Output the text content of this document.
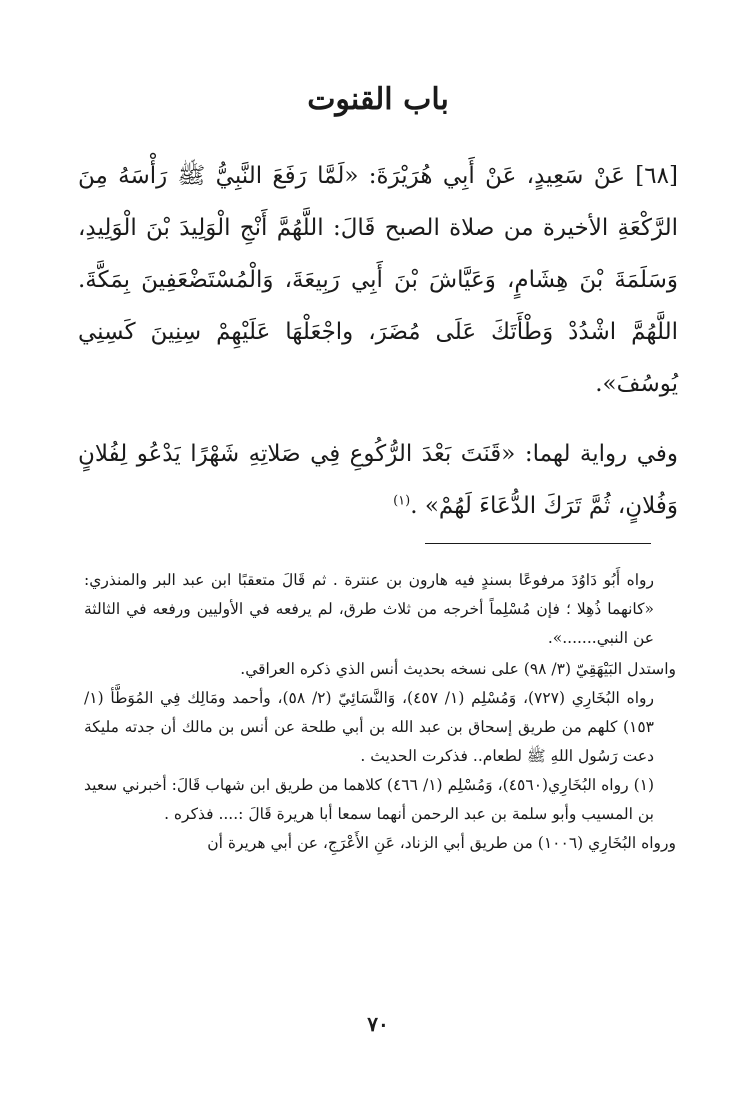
باب القنوت

[٦٨] عَنْ سَعِيدٍ، عَنْ أَبِي هُرَيْرَةَ: «لَمَّا رَفَعَ النَّبِيُّ ﷺ رَأْسَهُ مِنَ الرَّكْعَةِ الأخيرة من صلاة الصبح قَالَ: اللَّهُمَّ أَنْجِ الْوَلِيدَ بْنَ الْوَلِيدِ، وَسَلَمَةَ بْنَ هِشَامٍ، وَعَيَّاشَ بْنَ أَبِي رَبِيعَةَ، وَالْمُسْتَضْعَفِينَ بِمَكَّةَ. اللَّهُمَّ اشْدُدْ وَطْأَتَكَ عَلَى مُضَرَ، واجْعَلْهَا عَلَيْهِمْ سِنِينَ كَسِنِي يُوسُفَ».

وفي رواية لهما: «قَنَتَ بَعْدَ الرُّكُوعِ فِي صَلاتِهِ شَهْرًا يَدْعُو لِفُلانٍ وَفُلانٍ، ثُمَّ تَرَكَ الدُّعَاءَ لَهُمْ» .$^{(١)}$

رواه أَبُو دَاوُدَ مرفوعًا بسندٍ فيه هارون بن عنترة . ثم قَالَ متعقبًا ابن عبد البر والمنذري: «كانهما ذُهِلا ؛ فإن مُسْلِماً أخرجه من ثلاث طرق، لم يرفعه في الأوليين ورفعه في الثالثة عن النبي.......».

واستدل البَيْهَقِيّ (٣/ ٩٨) على نسخه بحديث أنس الذي ذكره العراقي.

رواه البُخَارِي (٧٢٧)، وَمُسْلِم (١/ ٤٥٧)، وَالنَّسَائِيّ (٢/ ٥٨)، وأحمد ومَالِك فِي المُوَطَّأ (١/ ١٥٣) كلهم من طريق إسحاق بن عبد الله بن أبي طلحة عن أنس بن مالك أن جدته مليكة دعت رَسُول اللهِ ﷺ لطعام.. فذكرت الحديث .

(١) رواه البُخَارِي(٤٥٦٠)، وَمُسْلِم (١/ ٤٦٦) كلاهما من طريق ابن شهاب قَالَ: أخبرني سعيد بن المسيب وأبو سلمة بن عبد الرحمن أنهما سمعا أبا هريرة قَالَ :.... فذكره .

ورواه البُخَارِي (١٠٠٦) من طريق أبي الزناد، عَنِ الأَعْرَجِ، عن أبي هريرة أن

٧٠
